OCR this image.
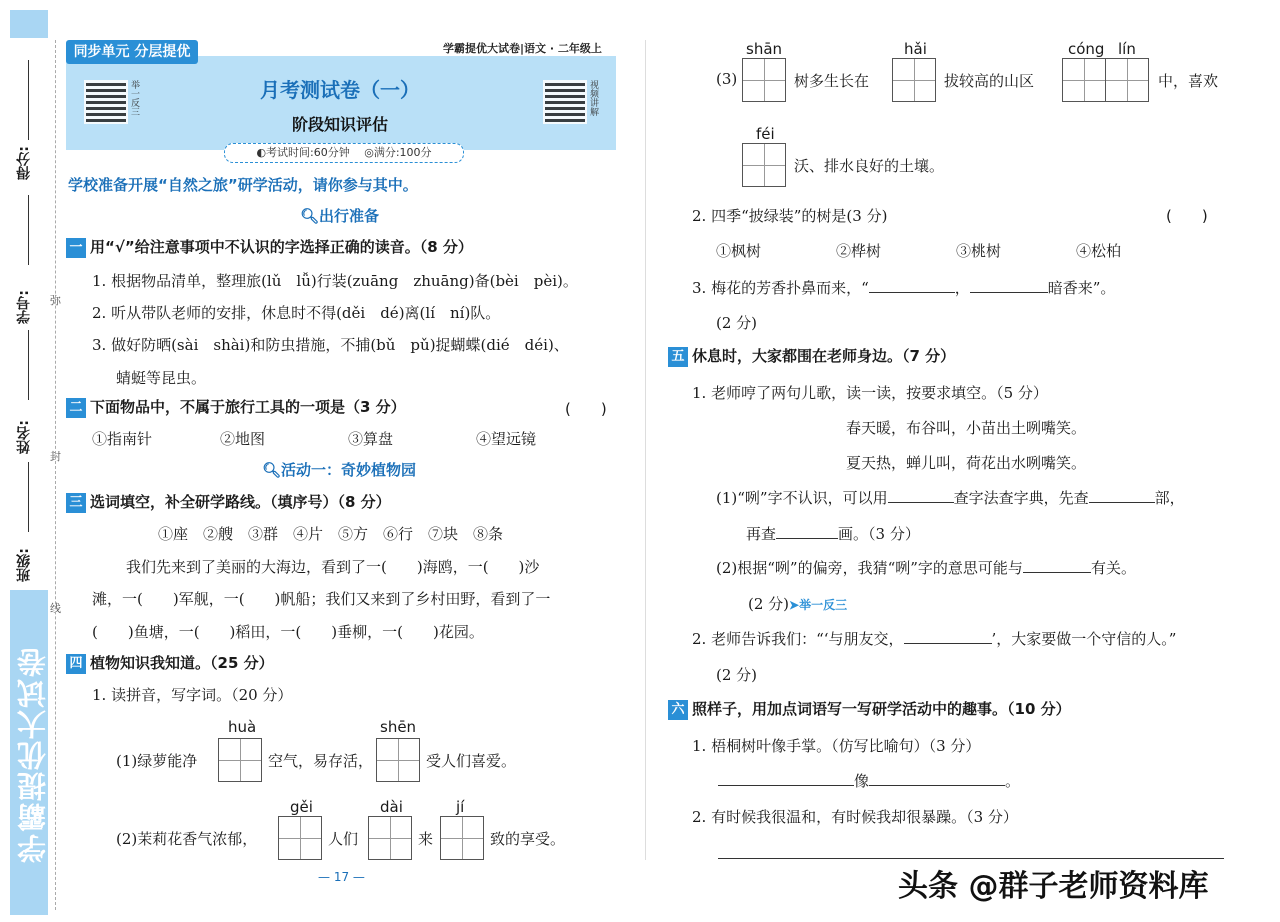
得分:
学号:
姓名:
班级:
弥
封
线
学霸提优大试卷
同步单元 分层提优	学霸提优大试卷|语文 · 二年级上
举一反三	视频讲解
月考测试卷（一）
阶段知识评估
◐考试时间:60分钟　 ◎满分:100分
学校准备开展“自然之旅”研学活动，请你参与其中。
🔍︎出行准备
一 用“√”给注意事项中不认识的字选择正确的读音。（8 分）
1. 根据物品清单，整理旅(lǔ　lǚ)行装(zuāng　zhuāng)备(bèi　pèi)。
2. 听从带队老师的安排，休息时不得(děi　dé)离(lí　ní)队。
3. 做好防晒(sài　shài)和防虫措施，不捕(bǔ　pǔ)捉蝴蝶(dié　déi)、
蜻蜓等昆虫。
二 下面物品中，不属于旅行工具的一项是（3 分）	(　　)
①指南针	②地图	③算盘	④望远镜
🔍︎活动一：奇妙植物园
三 选词填空，补全研学路线。（填序号）（8 分）
①座　②艘　③群　④片　⑤方　⑥行　⑦块　⑧条
我们先来到了美丽的大海边，看到了一(　　)海鸥，一(　　)沙
滩，一(　　)军舰，一(　　)帆船；我们又来到了乡村田野，看到了一
(　　)鱼塘，一(　　)稻田，一(　　)垂柳，一(　　)花园。
四 植物知识我知道。（25 分）
1. 读拼音，写字词。（20 分）
huà	shēn
(1)绿萝能净	空气，易存活，	受人们喜爱。
gěi	dài	jí
(2)茉莉花香气浓郁，	人们	来	致的享受。
— 17 —
shān	hǎi	cóng lín
(3)	树多生长在	拔较高的山区	中，喜欢
féi
沃、排水良好的土壤。
2. 四季“披绿装”的树是(3 分)	(　　)
①枫树	②桦树	③桃树	④松柏
3. 梅花的芳香扑鼻而来，“	，	暗香来”。
(2 分)
五 休息时，大家都围在老师身边。（7 分）
1. 老师哼了两句儿歌，读一读，按要求填空。（5 分）
春天暖，布谷叫，小苗出土咧嘴笑。
夏天热，蝉儿叫，荷花出水咧嘴笑。
(1)“咧”字不认识，可以用	查字法查字典，先查	部，
再查	画。（3 分）
(2)根据“咧”的偏旁，我猜“咧”字的意思可能与	有关。
(2 分)➤举一反三
2. 老师告诉我们：“‘与朋友交，	’，大家要做一个守信的人。”
(2 分)
六 照样子，用加点词语写一写研学活动中的趣事。（10 分）
1. 梧桐树叶像手掌。（仿写比喻句）（3 分）
像	。
2. 有时候我很温和，有时候我却很暴躁。（3 分）
头条 @群子老师资料库
